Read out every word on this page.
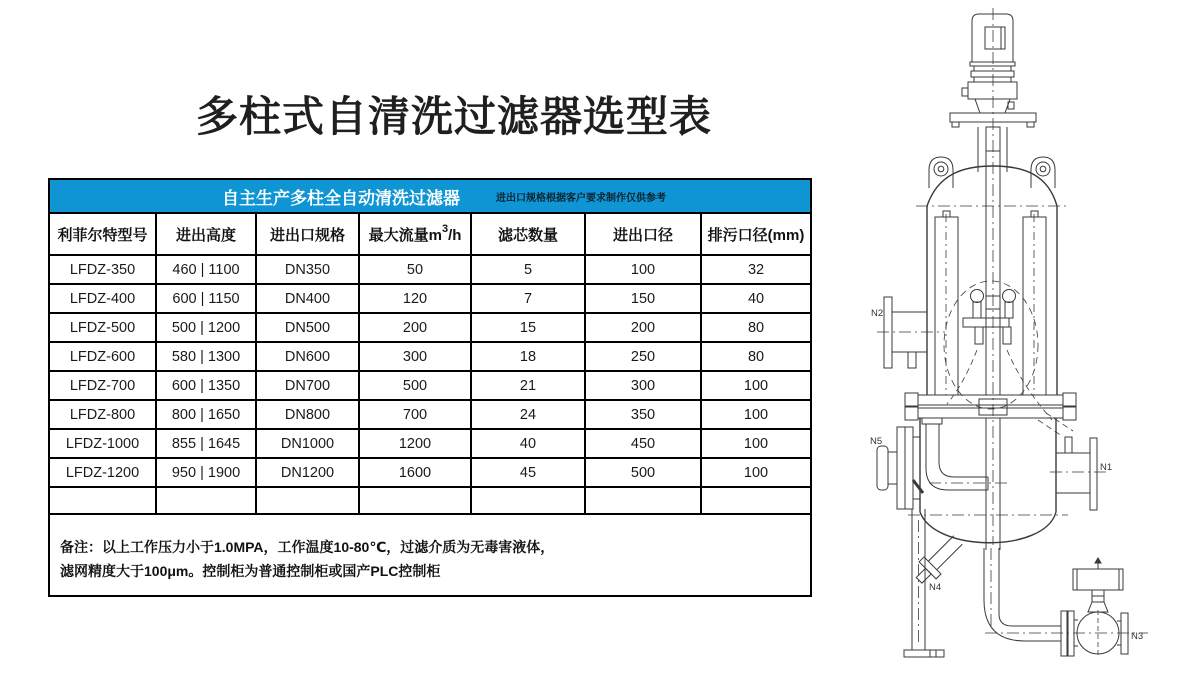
多柱式自清洗过滤器选型表
自主生产多柱全自动清洗过滤器 进出口规格根据客户要求制作仅供参考						

利菲尔特型号	进出高度	进出口规格	最大流量$m^3/h$	滤芯数量	进出口径	排污口径(mm)
LFDZ-350	460 | 1100	DN350	50	5	100	32
LFDZ-400	600 | 1150	DN400	120	7	150	40
LFDZ-500	500 | 1200	DN500	200	15	200	80
LFDZ-600	580 | 1300	DN600	300	18	250	80
LFDZ-700	600 | 1350	DN700	500	21	300	100
LFDZ-800	800 | 1650	DN800	700	24	350	100
LFDZ-1000	855 | 1645	DN1000	1200	40	450	100
LFDZ-1200	950 | 1900	DN1200	1600	45	500	100

备注：以上工作压力小于1.0MPA，工作温度10-80℃，过滤介质为无毒害液体，
滤网精度大于100μm。控制柜为普通控制柜或国产PLC控制柜						
N2
N5
N1
N4
N3
